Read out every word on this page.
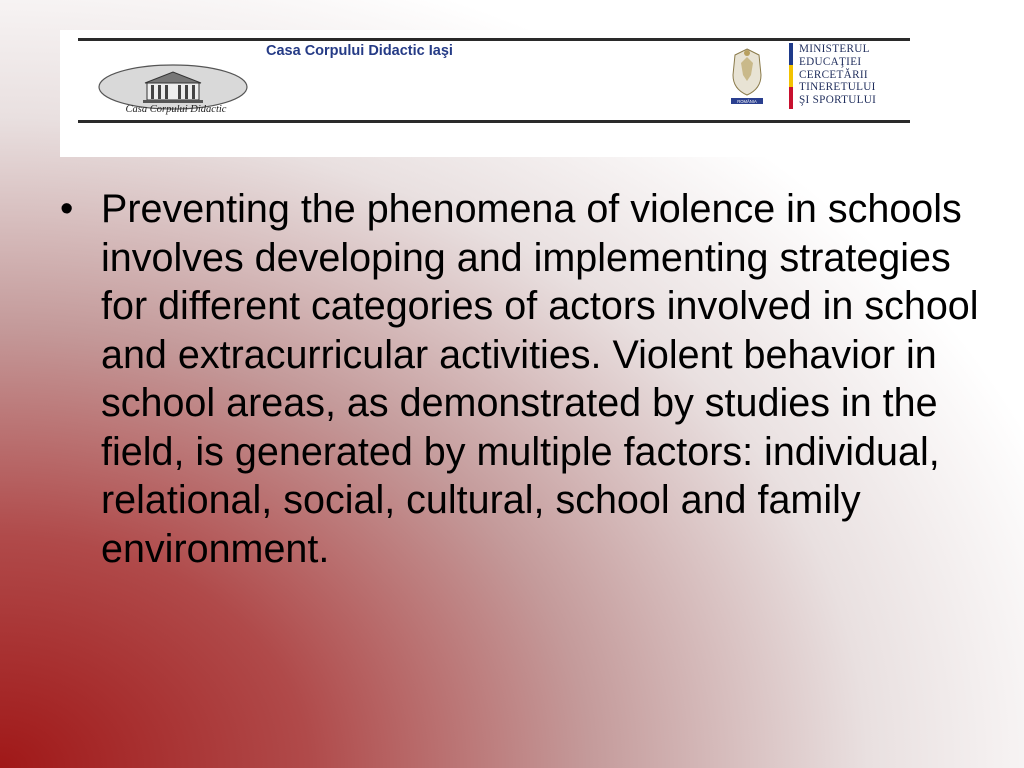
Casa Corpului Didactic Iaşi
Casa Corpului Didactic
ROMÂNIA
MINISTERUL
EDUCAŢIEI
CERCETĂRII
TINERETULUI
ŞI SPORTULUI
• Preventing the phenomena of violence in schools involves developing and implementing strategies for different categories of actors involved in school and extracurricular activities. Violent behavior in school areas, as demonstrated by studies in the field, is generated by multiple factors: individual, relational, social, cultural, school and family environment.
